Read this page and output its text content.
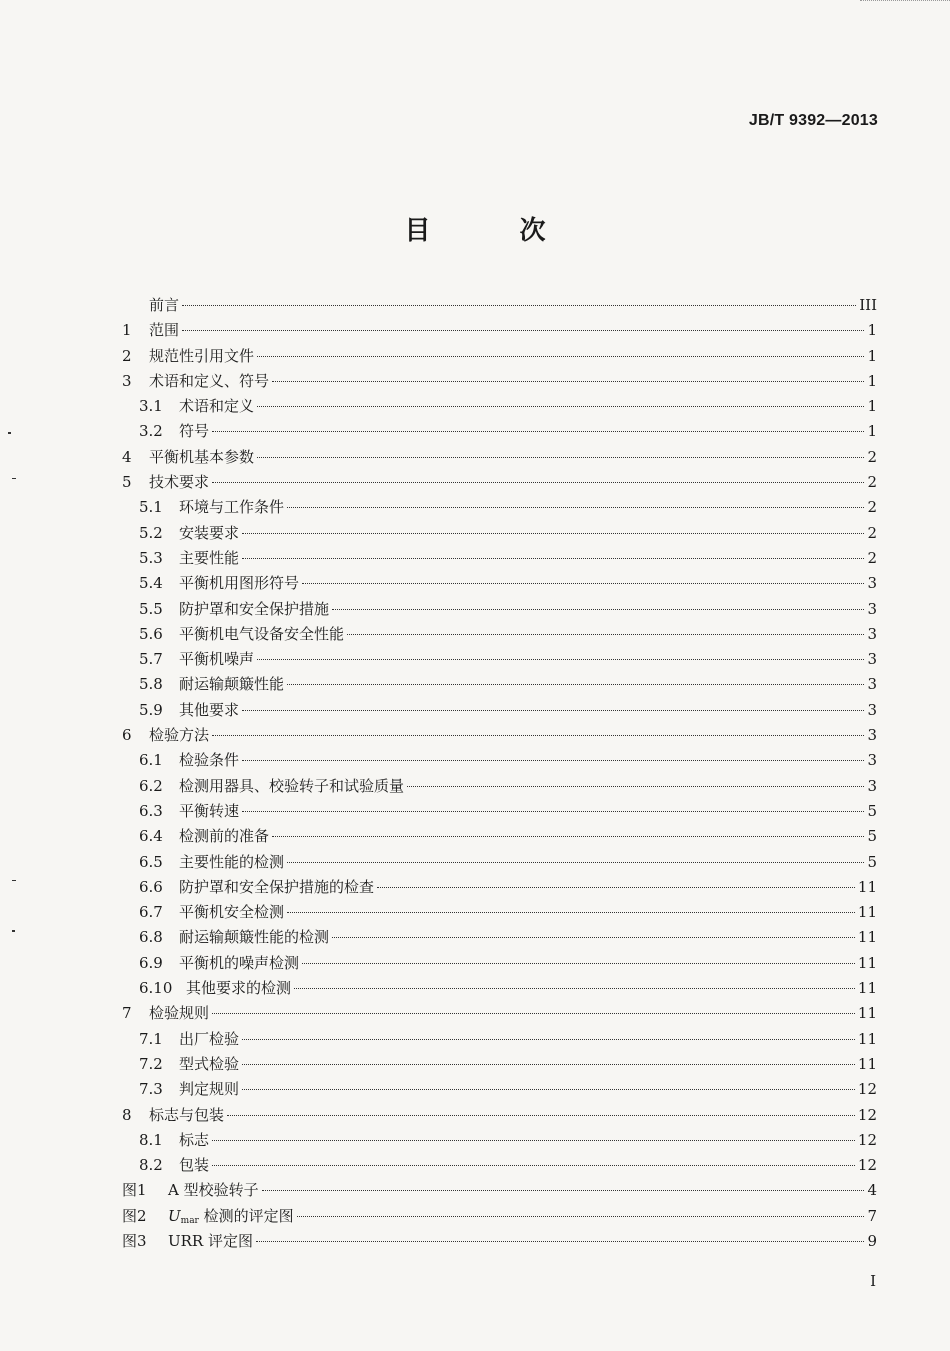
JB/T 9392—2013
目 次
前言	III
1	范围	1
2	规范性引用文件	1
3	术语和定义、符号	1
3.1	术语和定义	1
3.2	符号	1
4	平衡机基本参数	2
5	技术要求	2
5.1	环境与工作条件	2
5.2	安装要求	2
5.3	主要性能	2
5.4	平衡机用图形符号	3
5.5	防护罩和安全保护措施	3
5.6	平衡机电气设备安全性能	3
5.7	平衡机噪声	3
5.8	耐运输颠簸性能	3
5.9	其他要求	3
6	检验方法	3
6.1	检验条件	3
6.2	检测用器具、校验转子和试验质量	3
6.3	平衡转速	5
6.4	检测前的准备	5
6.5	主要性能的检测	5
6.6	防护罩和安全保护措施的检查	11
6.7	平衡机安全检测	11
6.8	耐运输颠簸性能的检测	11
6.9	平衡机的噪声检测	11
6.10 其他要求的检测	11
7	检验规则	11
7.1	出厂检验	11
7.2	型式检验	11
7.3	判定规则	12
8	标志与包装	12
8.1	标志	12
8.2	包装	12
图1	A 型校验转子	4
图2	$U_{mar}$ 检测的评定图	7
图3	URR 评定图	9
I
